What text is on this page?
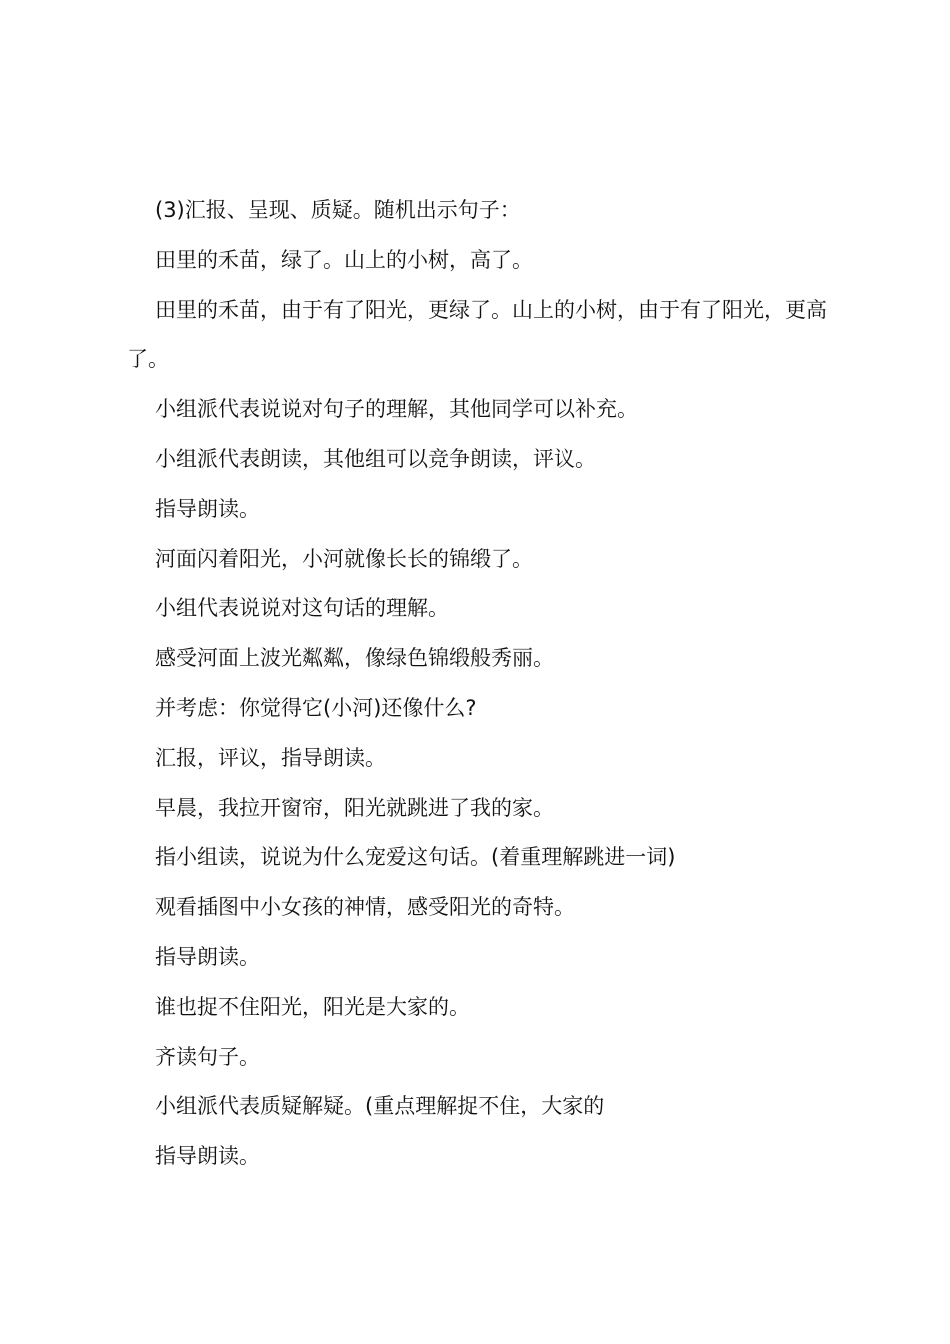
(3)汇报、呈现、质疑。随机出示句子：

田里的禾苗，绿了。山上的小树，高了。

田里的禾苗，由于有了阳光，更绿了。山上的小树，由于有了阳光，更高了。

小组派代表说说对句子的理解，其他同学可以补充。

小组派代表朗读，其他组可以竞争朗读，评议。

指导朗读。

河面闪着阳光，小河就像长长的锦缎了。

小组代表说说对这句话的理解。

感受河面上波光粼粼，像绿色锦缎般秀丽。

并考虑：你觉得它(小河)还像什么?

汇报，评议，指导朗读。

早晨，我拉开窗帘，阳光就跳进了我的家。

指小组读，说说为什么宠爱这句话。(着重理解跳进一词)

观看插图中小女孩的神情，感受阳光的奇特。

指导朗读。

谁也捉不住阳光，阳光是大家的。

齐读句子。

小组派代表质疑解疑。(重点理解捉不住，大家的

指导朗读。
